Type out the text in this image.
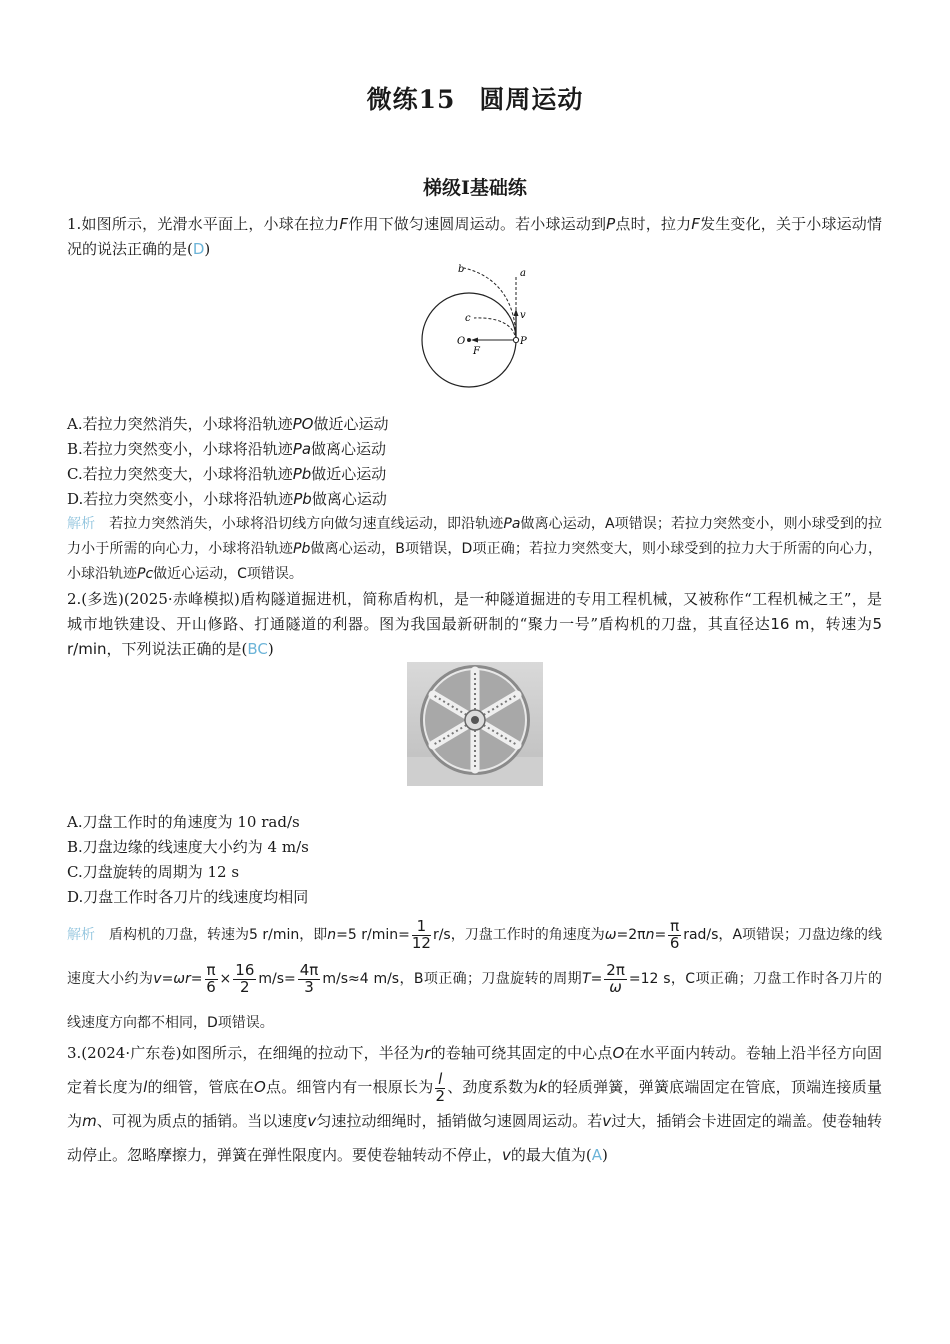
微练15 圆周运动
梯级Ⅰ基础练
1.如图所示，光滑水平面上，小球在拉力F作用下做匀速圆周运动。若小球运动到P点时，拉力F发生变化，关于小球运动情况的说法正确的是(D)
b	a
c	v
O
F
P
A.若拉力突然消失，小球将沿轨迹PO做近心运动
B.若拉力突然变小，小球将沿轨迹Pa做离心运动
C.若拉力突然变大，小球将沿轨迹Pb做近心运动
D.若拉力突然变小，小球将沿轨迹Pb做离心运动
解析 若拉力突然消失，小球将沿切线方向做匀速直线运动，即沿轨迹Pa做离心运动，A项错误；若拉力突然变小，则小球受到的拉力小于所需的向心力，小球将沿轨迹Pb做离心运动，B项错误，D项正确；若拉力突然变大，则小球受到的拉力大于所需的向心力，小球沿轨迹Pc做近心运动，C项错误。
2.(多选)(2025·赤峰模拟)盾构隧道掘进机，简称盾构机，是一种隧道掘进的专用工程机械，又被称作“工程机械之王”，是城市地铁建设、开山修路、打通隧道的利器。图为我国最新研制的“聚力一号”盾构机的刀盘，其直径达16 m，转速为5 r/min，下列说法正确的是(BC)
A.刀盘工作时的角速度为 10 rad/s
B.刀盘边缘的线速度大小约为 4 m/s
C.刀盘旋转的周期为 12 s
D.刀盘工作时各刀片的线速度均相同
解析 盾构机的刀盘，转速为5 r/min，即n=5 $r/\min= \frac{1}{12} r/s$，刀盘工作时的角速度为$\omega=2\pi n= \frac{\pi}{6} rad/s$，A项错误；刀盘边缘的线速度大小约为$v=\omega r= \frac{\pi}{6} \times \frac{16}{2} m/s= \frac{4\pi}{3} m/s\approx 4$ m/s，B项正确；刀盘旋转的周期$T= \frac{2\pi}{\omega} =12$ s，C项正确；刀盘工作时各刀片的线速度方向都不相同，D项错误。
3.(2024·广东卷)如图所示，在细绳的拉动下，半径为r的卷轴可绕其固定的中心点O在水平面内转动。卷轴上沿半径方向固定着长度为l的细管，管底在O点。细管内有一根原长为 $\frac{l}{2}$ 、劲度系数为k的轻质弹簧，弹簧底端固定在管底，顶端连接质量为m、可视为质点的插销。当以速度v匀速拉动细绳时，插销做匀速圆周运动。若v过大，插销会卡进固定的端盖。使卷轴转动停止。忽略摩擦力，弹簧在弹性限度内。要使卷轴转动不停止，v的最大值为(A)
